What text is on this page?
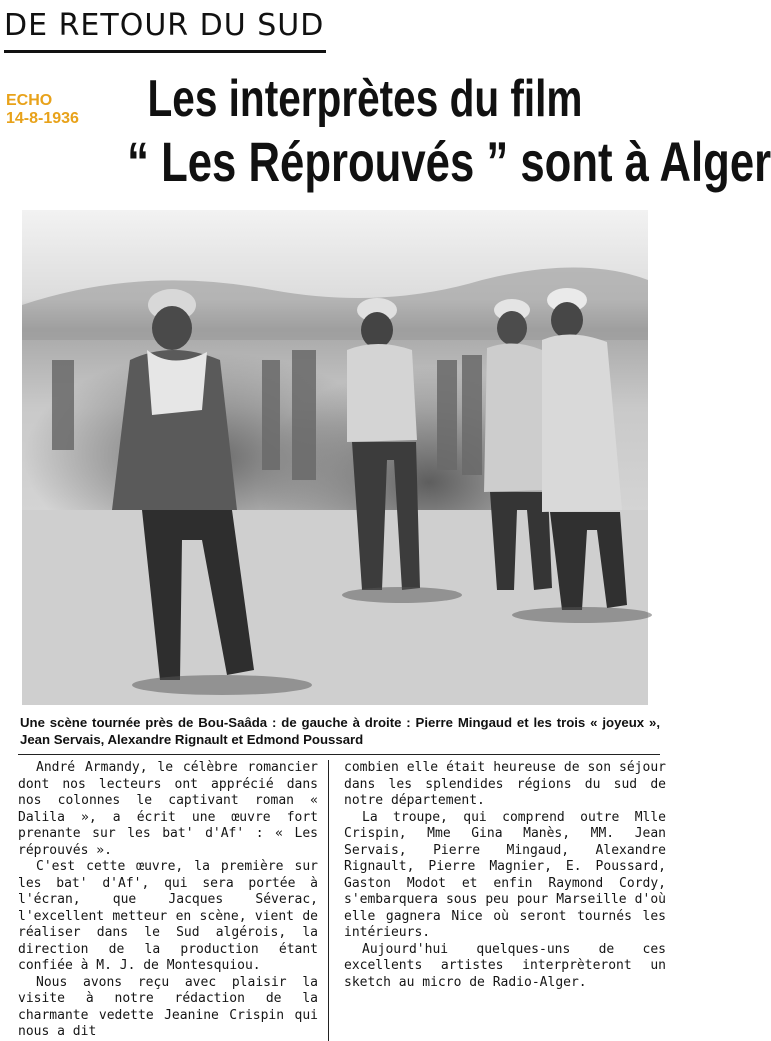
DE RETOUR DU SUD
ECHO
14-8-1936	Les interprètes du film
“ Les Réprouvés ” sont à Alger
Une scène tournée près de Bou-Saâda : de gauche à droite : Pierre Mingaud et les trois « joyeux », Jean Servais, Alexandre Rignault et Edmond Poussard

André Armandy, le célèbre romancier dont nos lecteurs ont apprécié dans nos colonnes le captivant roman « Dalila », a écrit une œuvre fort prenante sur les bat' d'Af' : « Les réprouvés ».

C'est cette œuvre, la première sur les bat' d'Af', qui sera portée à l'écran, que Jacques Séverac, l'excellent metteur en scène, vient de réaliser dans le Sud algérois, la direction de la production étant confiée à M. J. de Montesquiou.

Nous avons reçu avec plaisir la visite à notre rédaction de la charmante vedette Jeanine Crispin qui nous a dit

combien elle était heureuse de son séjour dans les splendides régions du sud de notre département.

La troupe, qui comprend outre Mlle Crispin, Mme Gina Manès, MM. Jean Servais, Pierre Mingaud, Alexandre Rignault, Pierre Magnier, E. Poussard, Gaston Modot et enfin Raymond Cordy, s'embarquera sous peu pour Marseille d'où elle gagnera Nice où seront tournés les intérieurs.

Aujourd'hui quelques-uns de ces excellents artistes interprèteront un sketch au micro de Radio-Alger.
